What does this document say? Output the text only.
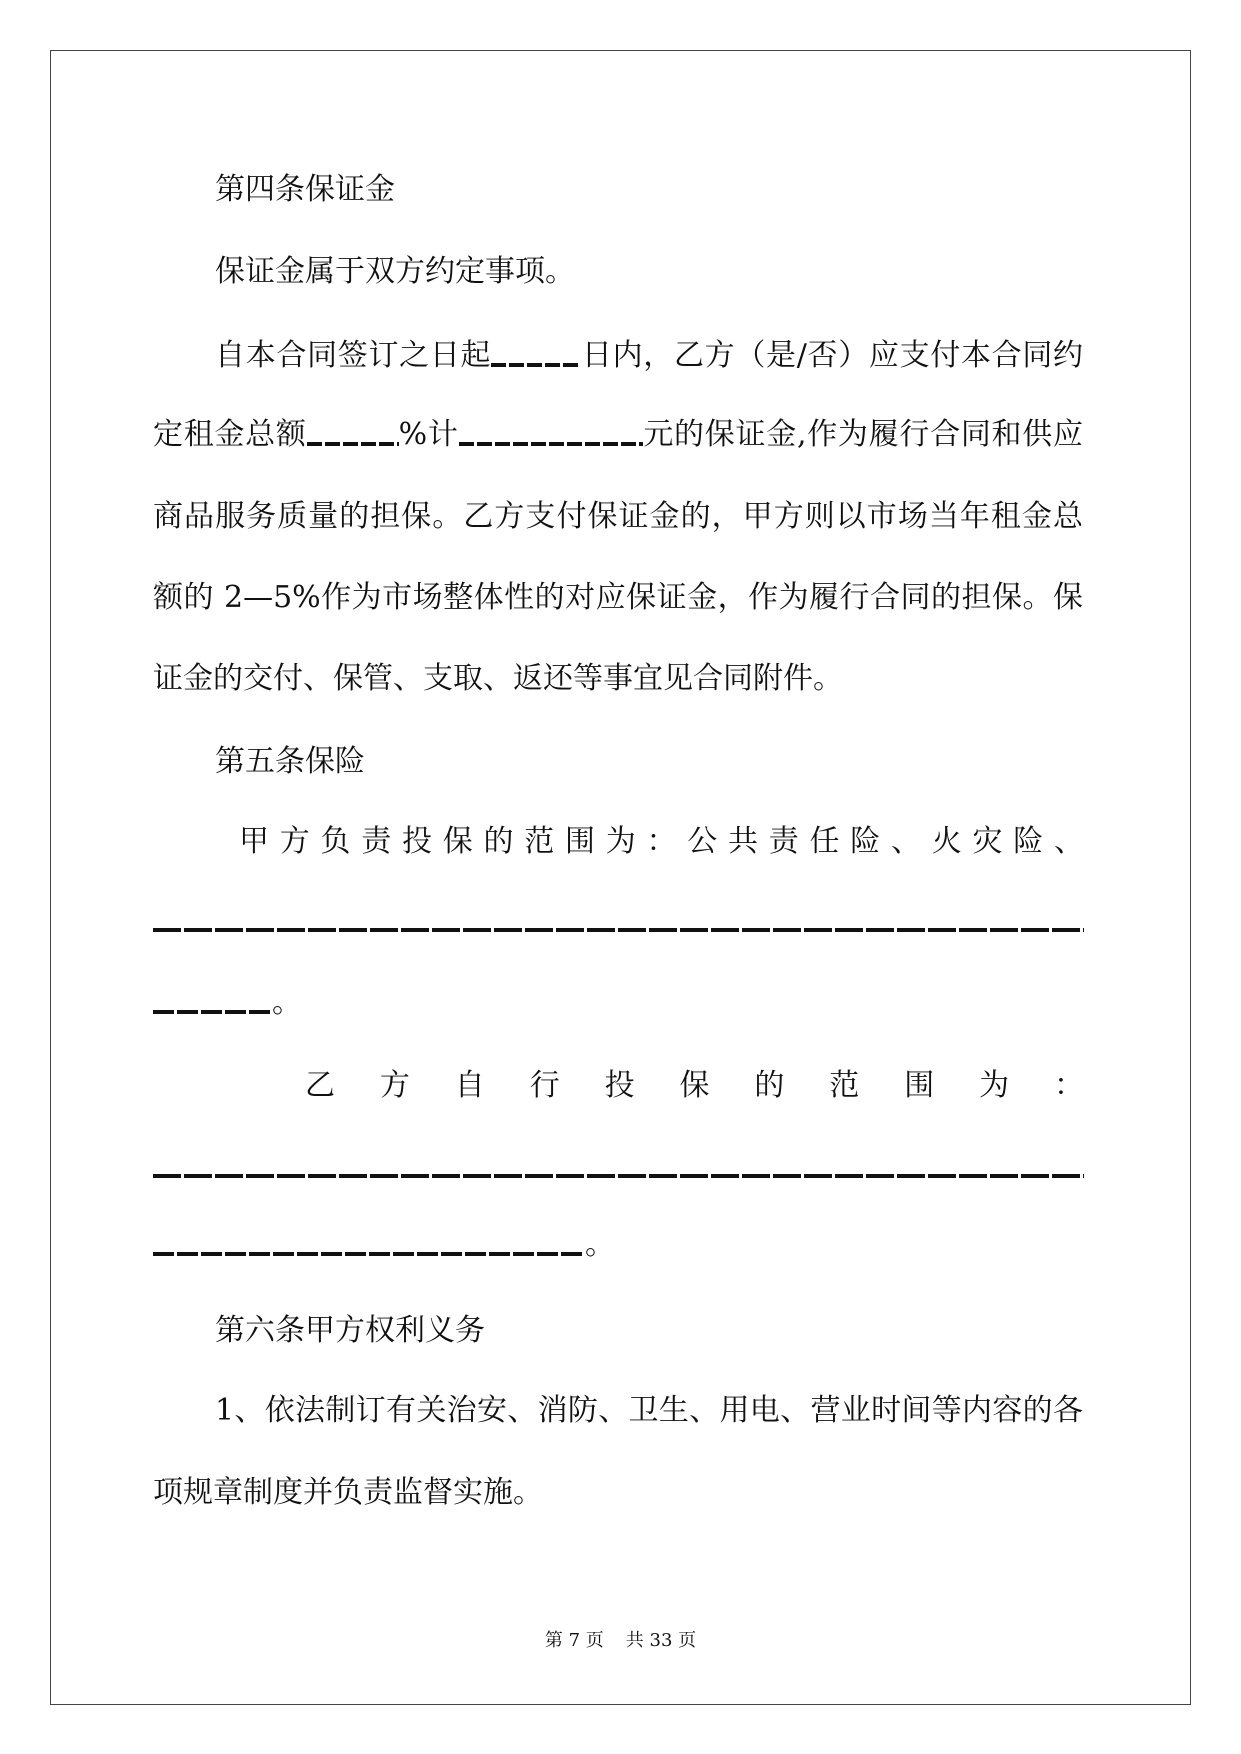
第四条保证金
保证金属于双方约定事项。
自本合同签订之日起	日内，乙方（是/否）应支付本合同约
定租金总额	%计	元的保证金,作为履行合同和供应
商品服务质量的担保。乙方支付保证金的，甲方则以市场当年租金总
额的 2—5%作为市场整体性的对应保证金，作为履行合同的担保。保
证金的交付、保管、支取、返还等事宜见合同附件。
第五条保险
甲方负责投保的范围为：公共责任险、火灾险、
。
乙方自行投保的范围为：
。
第六条甲方权利义务
1、依法制订有关治安、消防、卫生、用电、营业时间等内容的各
项规章制度并负责监督实施。
第 7 页 共 33 页
